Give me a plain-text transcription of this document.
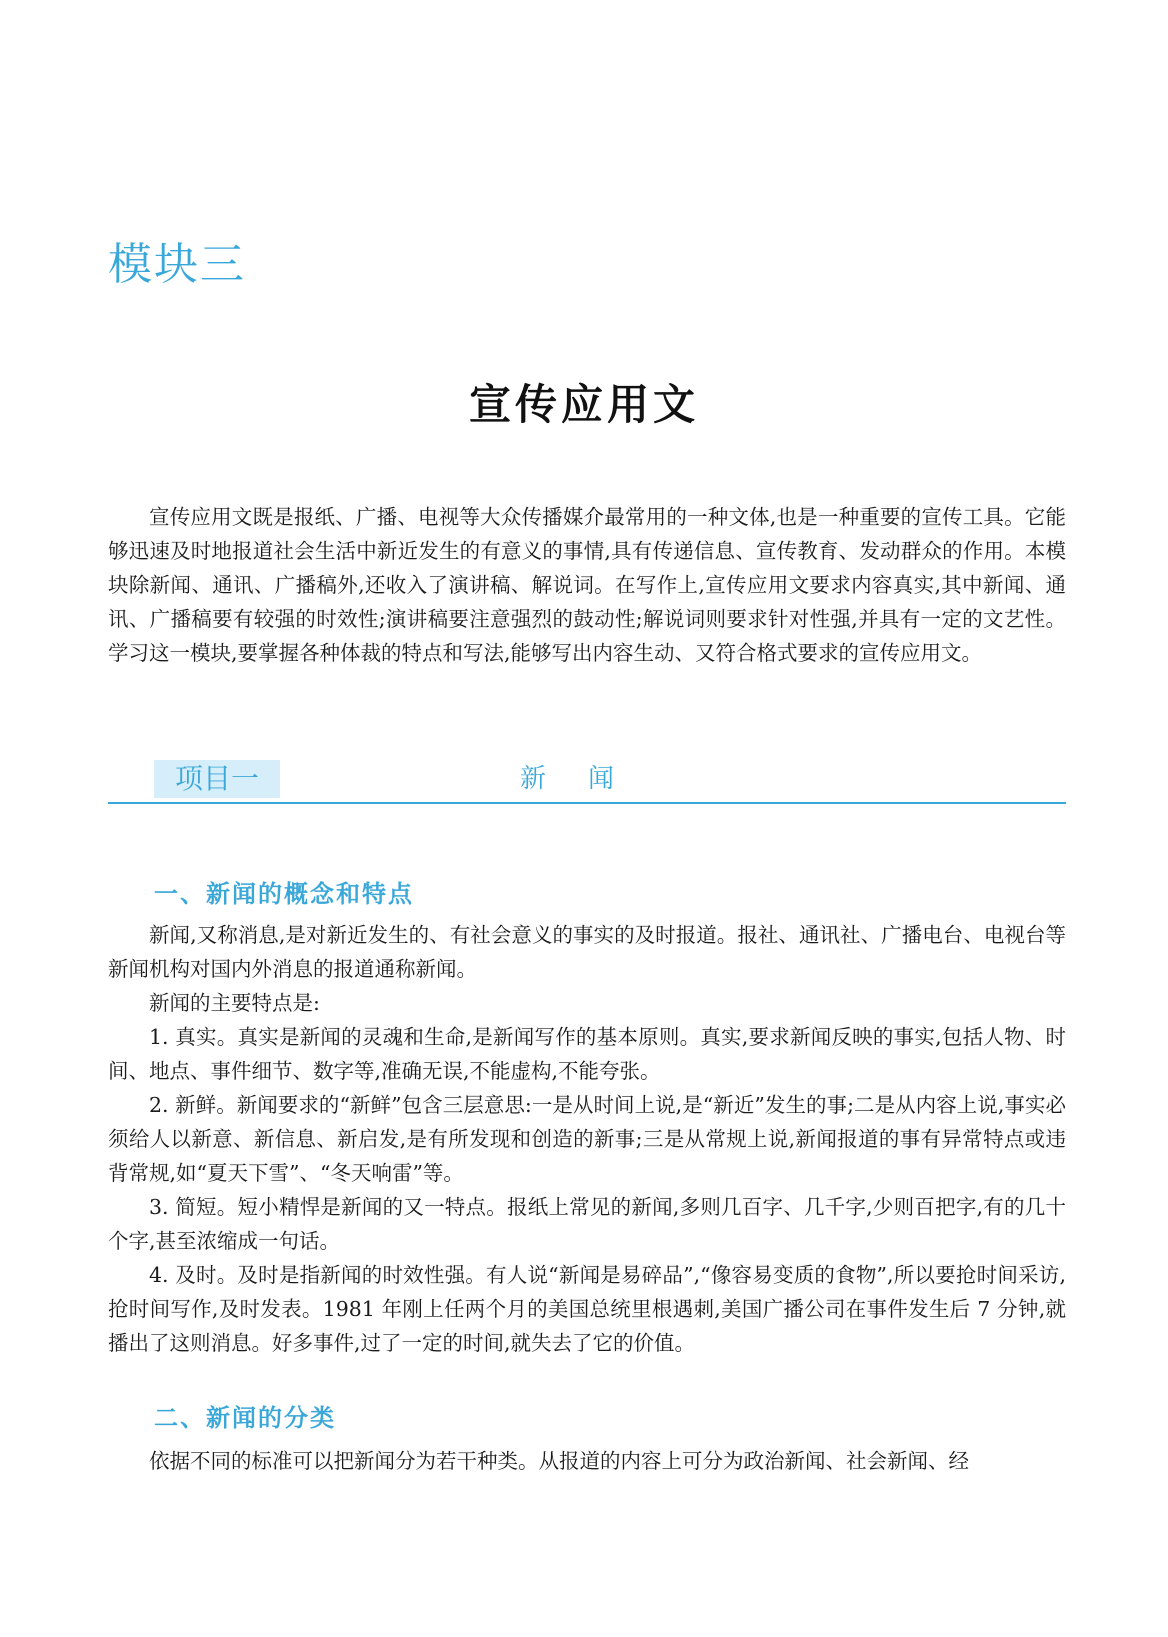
模块三
宣传应用文

宣传应用文既是报纸、广播、电视等大众传播媒介最常用的一种文体,也是一种重要的宣传工具。它能够迅速及时地报道社会生活中新近发生的有意义的事情,具有传递信息、宣传教育、发动群众的作用。本模块除新闻、通讯、广播稿外,还收入了演讲稿、解说词。在写作上,宣传应用文要求内容真实,其中新闻、通讯、广播稿要有较强的时效性;演讲稿要注意强烈的鼓动性;解说词则要求针对性强,并具有一定的文艺性。学习这一模块,要掌握各种体裁的特点和写法,能够写出内容生动、又符合格式要求的宣传应用文。

项目一	新闻
一、新闻的概念和特点

新闻,又称消息,是对新近发生的、有社会意义的事实的及时报道。报社、通讯社、广播电台、电视台等新闻机构对国内外消息的报道通称新闻。

新闻的主要特点是:

1. 真实。真实是新闻的灵魂和生命,是新闻写作的基本原则。真实,要求新闻反映的事实,包括人物、时间、地点、事件细节、数字等,准确无误,不能虚构,不能夸张。

2. 新鲜。新闻要求的“新鲜”包含三层意思:一是从时间上说,是“新近”发生的事;二是从内容上说,事实必须给人以新意、新信息、新启发,是有所发现和创造的新事;三是从常规上说,新闻报道的事有异常特点或违背常规,如“夏天下雪”、“冬天响雷”等。

3. 简短。短小精悍是新闻的又一特点。报纸上常见的新闻,多则几百字、几千字,少则百把字,有的几十个字,甚至浓缩成一句话。

4. 及时。及时是指新闻的时效性强。有人说“新闻是易碎品”,“像容易变质的食物”,所以要抢时间采访,抢时间写作,及时发表。1981 年刚上任两个月的美国总统里根遇刺,美国广播公司在事件发生后 7 分钟,就播出了这则消息。好多事件,过了一定的时间,就失去了它的价值。

二、新闻的分类

依据不同的标准可以把新闻分为若干种类。从报道的内容上可分为政治新闻、社会新闻、经
